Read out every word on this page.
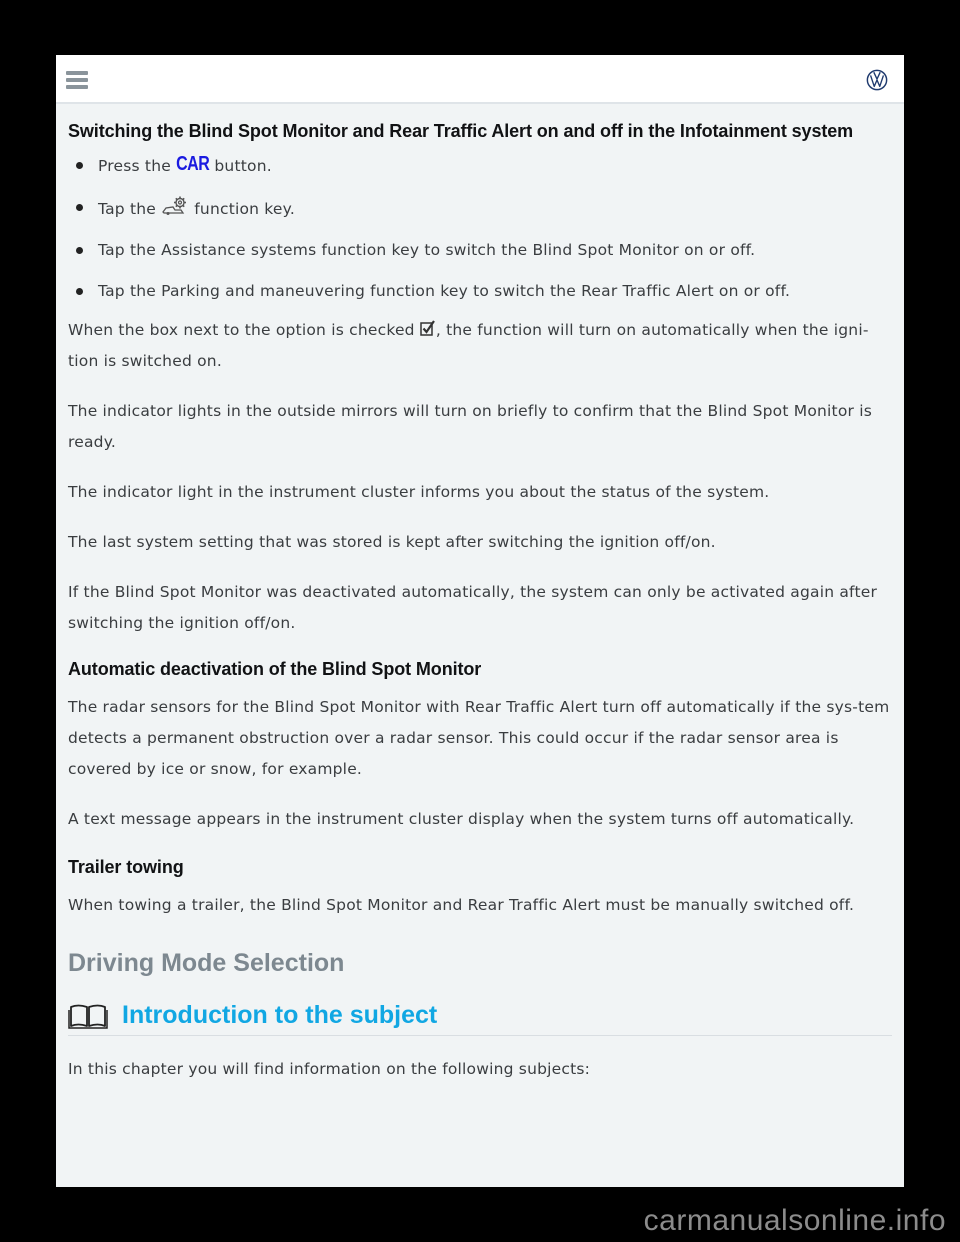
Switching the Blind Spot Monitor and Rear Traffic Alert on and off in the Infotainment system
Press the CAR button.
Tap the  function key.
Tap the Assistance systems function key to switch the Blind Spot Monitor on or off.
Tap the Parking and maneuvering function key to switch the Rear Traffic Alert on or off.

When the box next to the option is checked , the function will turn on automatically when the igni-tion is switched on.

The indicator lights in the outside mirrors will turn on briefly to confirm that the Blind Spot Monitor is ready.

The indicator light in the instrument cluster informs you about the status of the system.

The last system setting that was stored is kept after switching the ignition off/on.

If the Blind Spot Monitor was deactivated automatically, the system can only be activated again after switching the ignition off/on.

Automatic deactivation of the Blind Spot Monitor

The radar sensors for the Blind Spot Monitor with Rear Traffic Alert turn off automatically if the sys-tem detects a permanent obstruction over a radar sensor. This could occur if the radar sensor area is covered by ice or snow, for example.

A text message appears in the instrument cluster display when the system turns off automatically.

Trailer towing

When towing a trailer, the Blind Spot Monitor and Rear Traffic Alert must be manually switched off.

Driving Mode Selection
Introduction to the subject

In this chapter you will find information on the following subjects:

carmanualsonline.info
